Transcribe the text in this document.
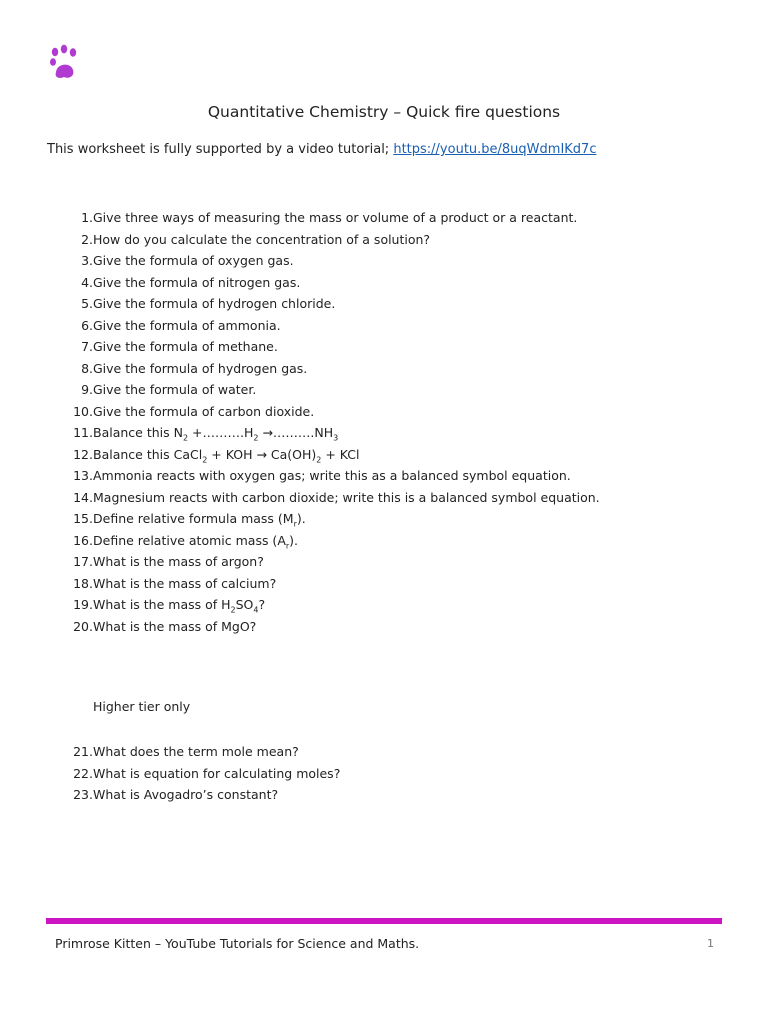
Quantitative Chemistry – Quick fire questions
This worksheet is fully supported by a video tutorial; https://youtu.be/8uqWdmIKd7c
1. Give three ways of measuring the mass or volume of a product or a reactant.
2. How do you calculate the concentration of a solution?
3. Give the formula of oxygen gas.
4. Give the formula of nitrogen gas.
5. Give the formula of hydrogen chloride.
6. Give the formula of ammonia.
7. Give the formula of methane.
8. Give the formula of hydrogen gas.
9. Give the formula of water.
10. Give the formula of carbon dioxide.
11. Balance this $N_2$ $+\dots\dots\dots.H_2$ $\to\dots\dots\dots.NH_3$
12. Balance this CaCl$_2$ + KOH → $Ca(OH)_2$ + KCl
13. Ammonia reacts with oxygen gas; write this as a balanced symbol equation.
14. Magnesium reacts with carbon dioxide; write this is a balanced symbol equation.
15. Define relative formula mass $(M_r)$.
16. Define relative atomic mass $(A_r)$.
17. What is the mass of argon?
18. What is the mass of calcium?
19. What is the mass of $H_2SO_4$?
20. What is the mass of MgO?
Higher tier only
21. What does the term mole mean?
22. What is equation for calculating moles?
23. What is Avogadro’s constant?
Primrose Kitten – YouTube Tutorials for Science and Maths.	1
